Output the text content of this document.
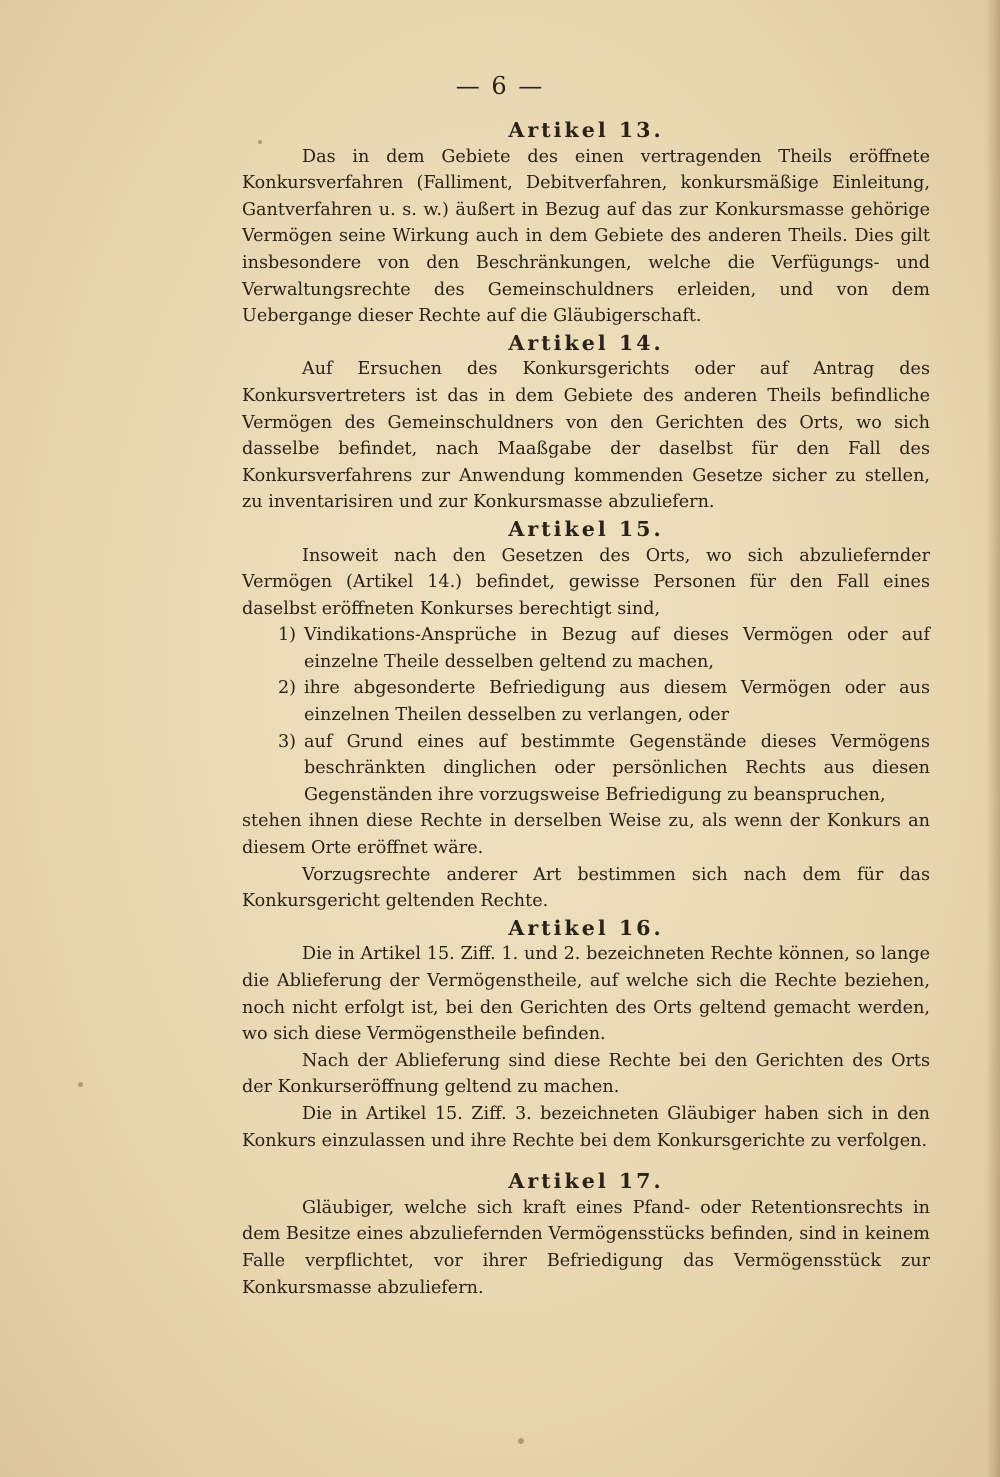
— 6 —
Artikel 13.

Das in dem Gebiete des einen vertragenden Theils eröffnete Konkursverfahren (Falliment, Debitverfahren, konkursmäßige Einleitung, Gantverfahren u. s. w.) äußert in Bezug auf das zur Konkursmasse gehörige Vermögen seine Wirkung auch in dem Gebiete des anderen Theils. Dies gilt insbesondere von den Beschränkungen, welche die Verfügungs- und Verwaltungsrechte des Gemeinschuldners erleiden, und von dem Uebergange dieser Rechte auf die Gläubigerschaft.

Artikel 14.

Auf Ersuchen des Konkursgerichts oder auf Antrag des Konkursvertreters ist das in dem Gebiete des anderen Theils befindliche Vermögen des Gemeinschuldners von den Gerichten des Orts, wo sich dasselbe befindet, nach Maaßgabe der daselbst für den Fall des Konkursverfahrens zur Anwendung kommenden Gesetze sicher zu stellen, zu inventarisiren und zur Konkursmasse abzuliefern.

Artikel 15.

Insoweit nach den Gesetzen des Orts, wo sich abzuliefernder Vermögen (Artikel 14.) befindet, gewisse Personen für den Fall eines daselbst eröffneten Konkurses berechtigt sind,

1) Vindikations-Ansprüche in Bezug auf dieses Vermögen oder auf einzelne Theile desselben geltend zu machen,
2) ihre abgesonderte Befriedigung aus diesem Vermögen oder aus einzelnen Theilen desselben zu verlangen, oder
3) auf Grund eines auf bestimmte Gegenstände dieses Vermögens beschränkten dinglichen oder persönlichen Rechts aus diesen Gegenständen ihre vorzugsweise Befriedigung zu beanspruchen,

stehen ihnen diese Rechte in derselben Weise zu, als wenn der Konkurs an diesem Orte eröffnet wäre.

Vorzugsrechte anderer Art bestimmen sich nach dem für das Konkursgericht geltenden Rechte.

Artikel 16.

Die in Artikel 15. Ziff. 1. und 2. bezeichneten Rechte können, so lange die Ablieferung der Vermögenstheile, auf welche sich die Rechte beziehen, noch nicht erfolgt ist, bei den Gerichten des Orts geltend gemacht werden, wo sich diese Vermögenstheile befinden.

Nach der Ablieferung sind diese Rechte bei den Gerichten des Orts der Konkurseröffnung geltend zu machen.

Die in Artikel 15. Ziff. 3. bezeichneten Gläubiger haben sich in den Konkurs einzulassen und ihre Rechte bei dem Konkursgerichte zu verfolgen.

Artikel 17.

Gläubiger, welche sich kraft eines Pfand- oder Retentionsrechts in dem Besitze eines abzuliefernden Vermögensstücks befinden, sind in keinem Falle verpflichtet, vor ihrer Befriedigung das Vermögensstück zur Konkursmasse abzuliefern.
